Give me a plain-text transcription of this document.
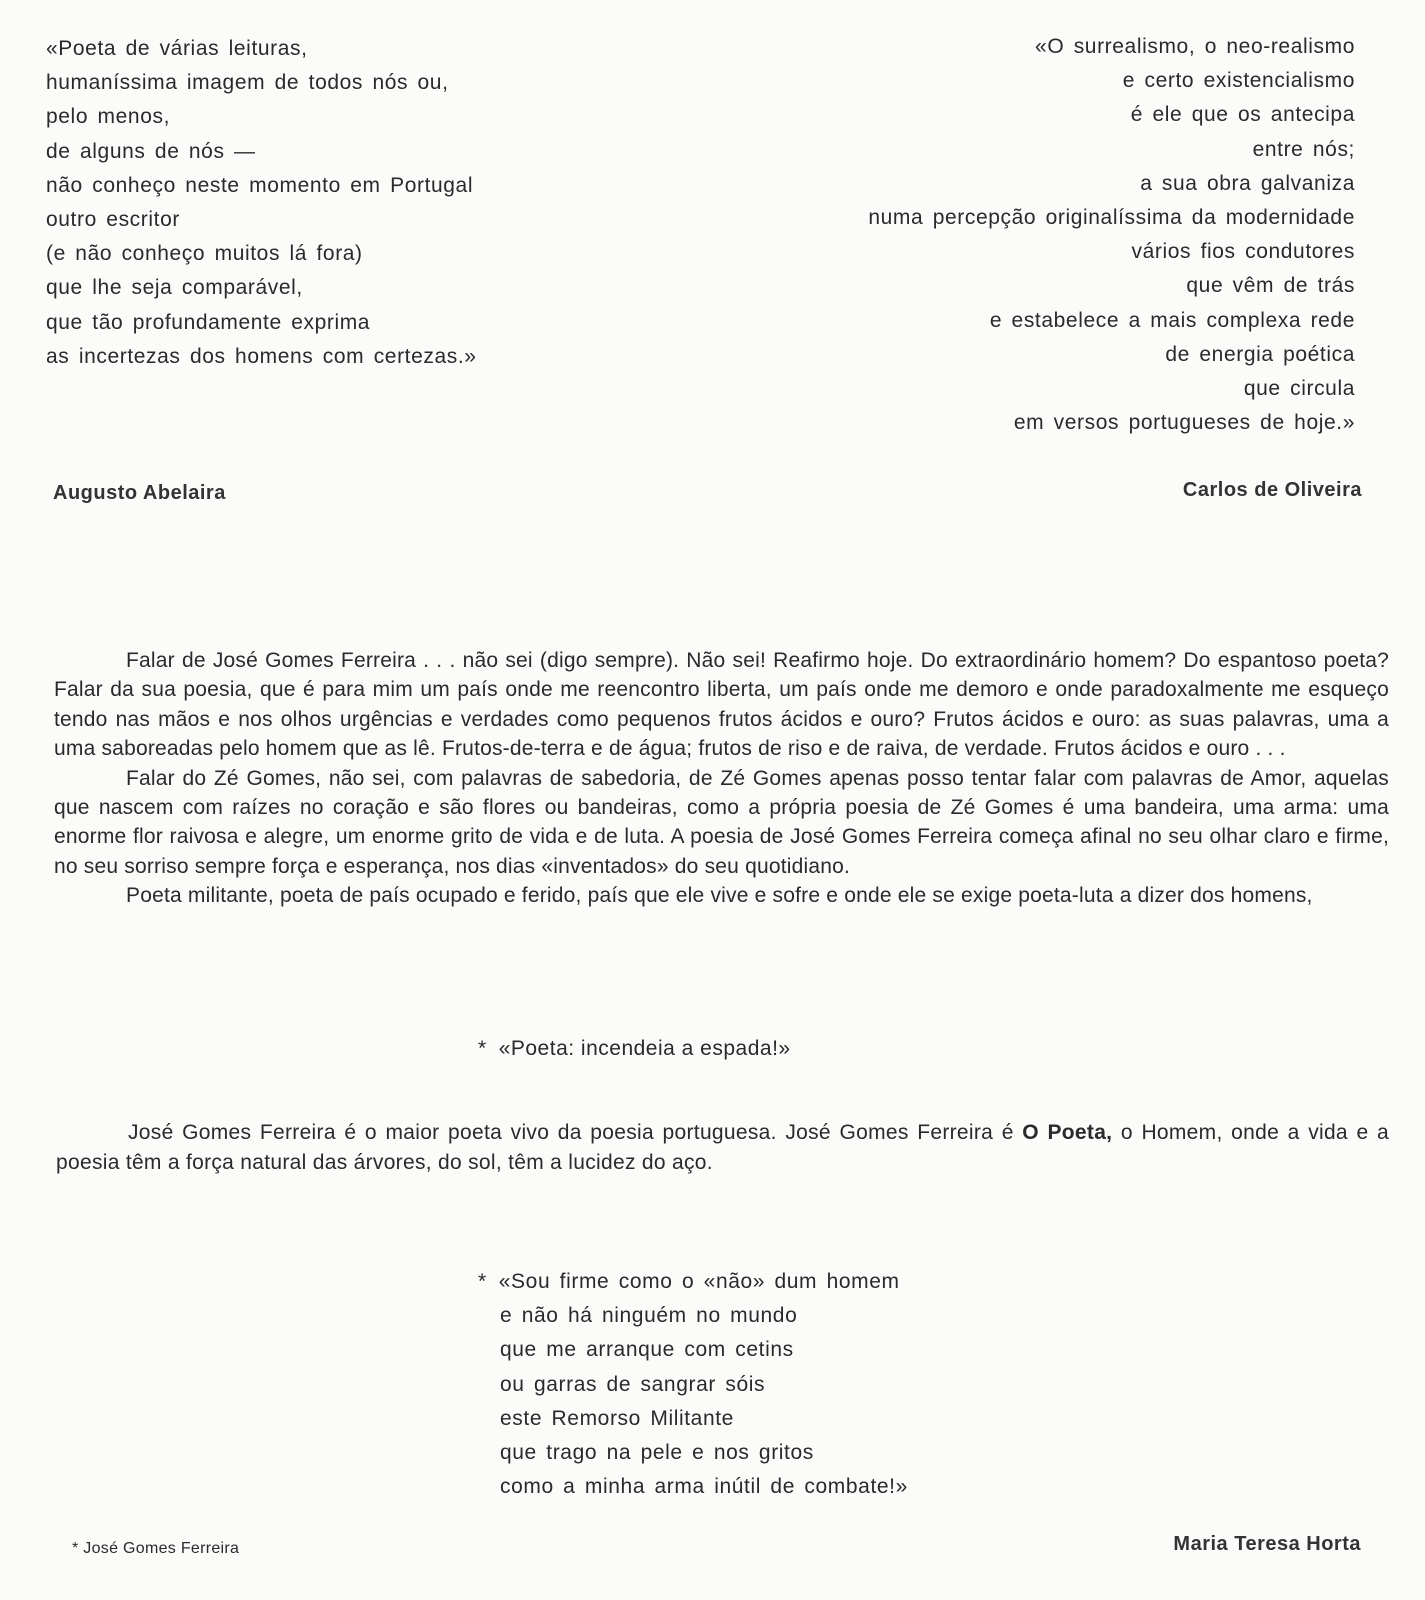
«Poeta de várias leituras,
humaníssima imagem de todos nós ou,
pelo menos,
de alguns de nós —
não conheço neste momento em Portugal
outro escritor
(e não conheço muitos lá fora)
que lhe seja comparável,
que tão profundamente exprima
as incertezas dos homens com certezas.»
«O surrealismo, o neo-realismo
e certo existencialismo
é ele que os antecipa
entre nós;
a sua obra galvaniza
numa percepção originalíssima da modernidade
vários fios condutores
que vêm de trás
e estabelece a mais complexa rede
de energia poética
que circula
em versos portugueses de hoje.»
Augusto Abelaira	Carlos de Oliveira

Falar de José Gomes Ferreira . . . não sei (digo sempre). Não sei! Reafirmo hoje. Do extraordinário homem? Do espantoso poeta? Falar da sua poesia, que é para mim um país onde me reencontro liberta, um país onde me demoro e onde paradoxalmente me esqueço tendo nas mãos e nos olhos urgências e verdades como pequenos frutos ácidos e ouro? Frutos ácidos e ouro: as suas palavras, uma a uma saboreadas pelo homem que as lê. Frutos-de-terra e de água; frutos de riso e de raiva, de verdade. Frutos ácidos e ouro . . .

Falar do Zé Gomes, não sei, com palavras de sabedoria, de Zé Gomes apenas posso tentar falar com palavras de Amor, aquelas que nascem com raízes no coração e são flores ou bandeiras, como a própria poesia de Zé Gomes é uma bandeira, uma arma: uma enorme flor raivosa e alegre, um enorme grito de vida e de luta. A poesia de José Gomes Ferreira começa afinal no seu olhar claro e firme, no seu sorriso sempre força e esperança, nos dias «inventados» do seu quotidiano.

Poeta militante, poeta de país ocupado e ferido, país que ele vive e sofre e onde ele se exige poeta-luta a dizer dos homens,

* «Poeta: incendeia a espada!»

José Gomes Ferreira é o maior poeta vivo da poesia portuguesa. José Gomes Ferreira é O Poeta, o Homem, onde a vida e a poesia têm a força natural das árvores, do sol, têm a lucidez do aço.

* «Sou firme como o «não» dum homem
e não há ninguém no mundo
que me arranque com cetins
ou garras de sangrar sóis
este Remorso Militante
que trago na pele e nos gritos
como a minha arma inútil de combate!»
* José Gomes Ferreira	Maria Teresa Horta
